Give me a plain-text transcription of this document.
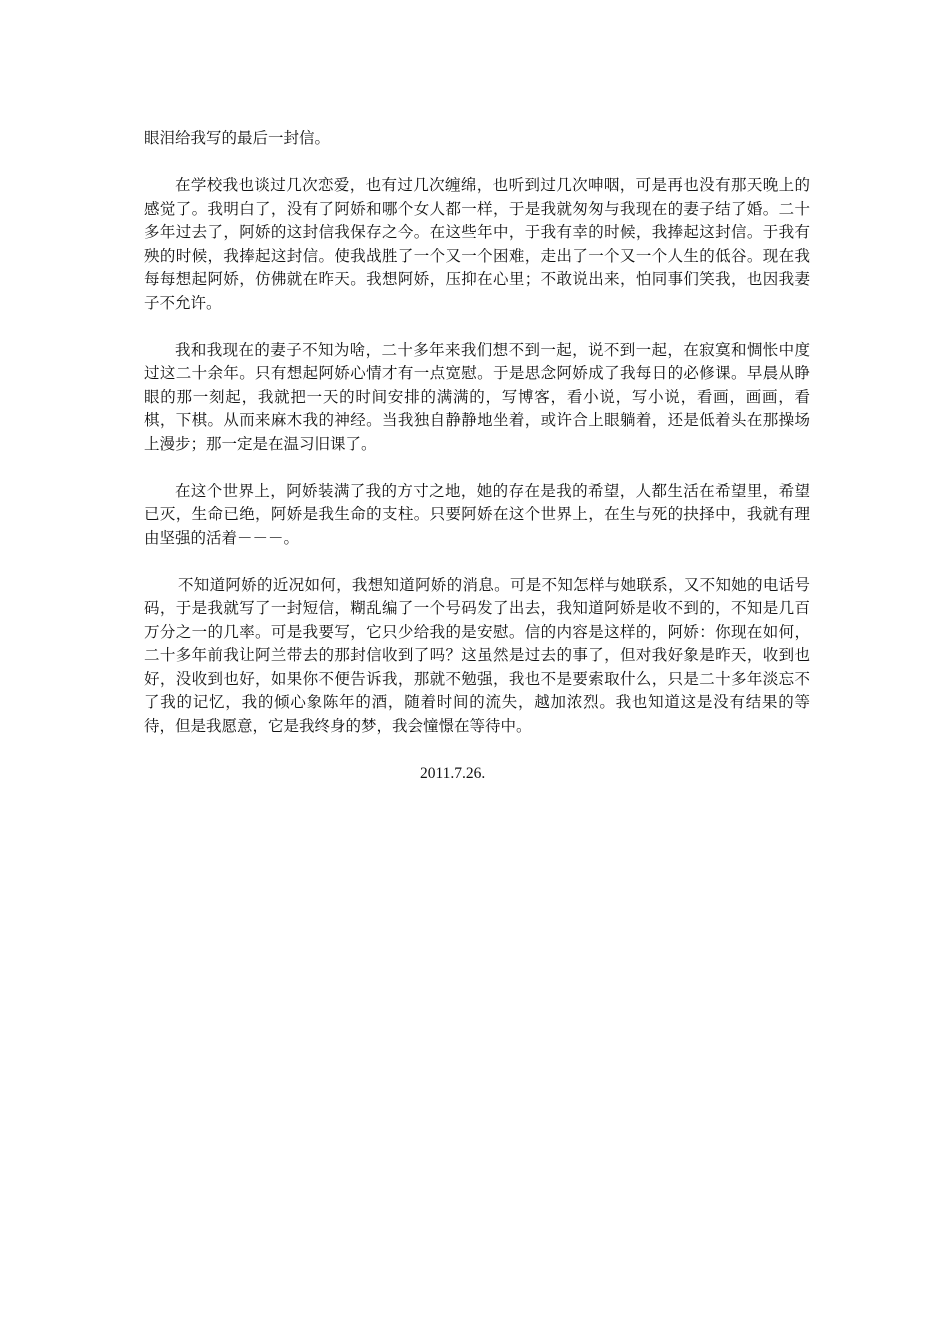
眼泪给我写的最后一封信。

在学校我也谈过几次恋爱，也有过几次缠绵，也听到过几次呻咽，可是再也没有那天晚上的感觉了。我明白了，没有了阿娇和哪个女人都一样，于是我就匆匆与我现在的妻子结了婚。二十多年过去了，阿娇的这封信我保存之今。在这些年中，于我有幸的时候，我捧起这封信。于我有殃的时候，我捧起这封信。使我战胜了一个又一个困难，走出了一个又一个人生的低谷。现在我每每想起阿娇，仿佛就在昨天。我想阿娇，压抑在心里；不敢说出来，怕同事们笑我，也因我妻子不允许。

我和我现在的妻子不知为啥，二十多年来我们想不到一起，说不到一起，在寂寞和惆怅中度过这二十余年。只有想起阿娇心情才有一点宽慰。于是思念阿娇成了我每日的必修课。早晨从睁眼的那一刻起，我就把一天的时间安排的满满的，写博客，看小说，写小说，看画，画画，看棋，下棋。从而来麻木我的神经。当我独自静静地坐着，或许合上眼躺着，还是低着头在那操场上漫步；那一定是在温习旧课了。

在这个世界上，阿娇装满了我的方寸之地，她的存在是我的希望，人都生活在希望里，希望已灭，生命已绝，阿娇是我生命的支柱。只要阿娇在这个世界上，在生与死的抉择中，我就有理由坚强的活着－－－。

不知道阿娇的近况如何，我想知道阿娇的消息。可是不知怎样与她联系，又不知她的电话号码，于是我就写了一封短信，糊乱编了一个号码发了出去，我知道阿娇是收不到的，不知是几百万分之一的几率。可是我要写，它只少给我的是安慰。信的内容是这样的，阿娇：你现在如何，二十多年前我让阿兰带去的那封信收到了吗？这虽然是过去的事了，但对我好象是昨天，收到也好，没收到也好，如果你不便告诉我，那就不勉强，我也不是要索取什么，只是二十多年淡忘不了我的记忆，我的倾心象陈年的酒，随着时间的流失，越加浓烈。我也知道这是没有结果的等待，但是我愿意，它是我终身的梦，我会憧憬在等待中。

2011.7.26.
